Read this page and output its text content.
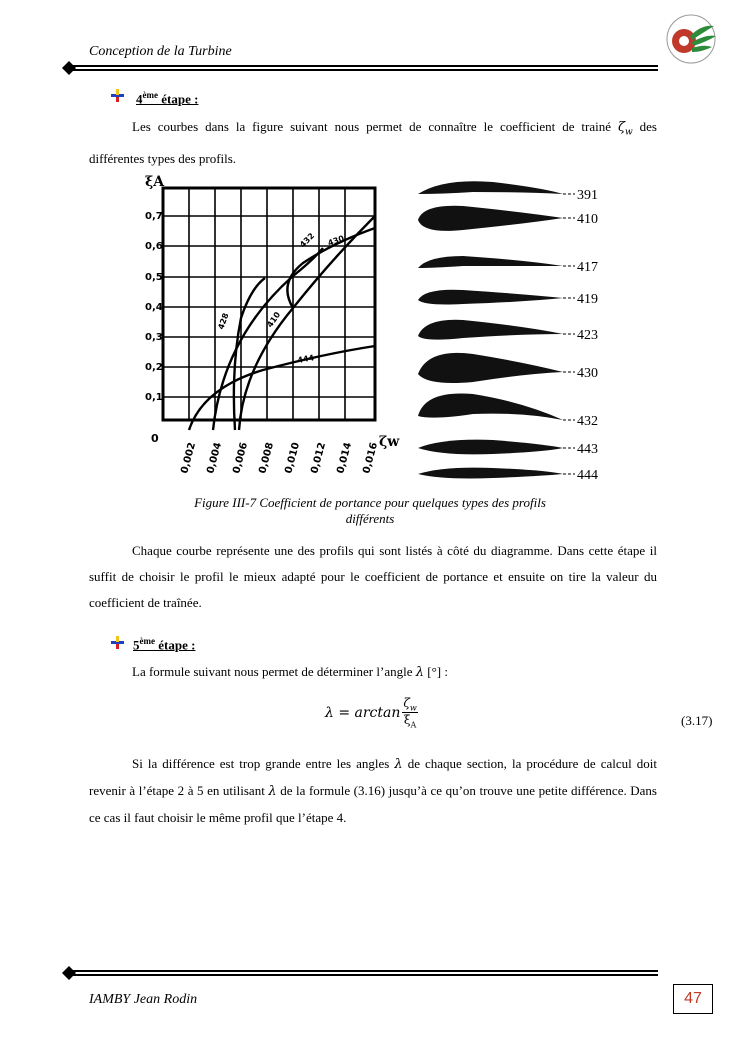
Conception de la Turbine
4ème étape :
Les courbes dans la figure suivant nous permet de connaître le coefficient de trainé $\zeta_w$ des différentes types des profils.
ξA
0	ζw
0,1
0,2
0,3
0,4
0,5
0,6
0,7
0,002 0,004 0,006 0,008 0,010 0,012 0,014 0,016
428	410
444
432 430
391
410
417
419
423
430
432
443
444
Figure III-7 Coefficient de portance pour quelques types des profils
différents
Chaque courbe représente une des profils qui sont listés à côté du diagramme. Dans cette étape il suffit de choisir le profil le mieux adapté pour le coefficient de portance et ensuite on tire la valeur du coefficient de traînée.
5ème étape :
La formule suivant nous permet de déterminer l’angle λ [°] :
$\lambda = \arctan \frac{\zeta_w}{\xi_A}$	(3.17)
Si la différence est trop grande entre les angles λ de chaque section, la procédure de calcul doit revenir à l’étape 2 à 5 en utilisant λ de la formule (3.16) jusqu’à ce qu’on trouve une petite différence. Dans ce cas il faut choisir le même profil que l’étape 4.
IAMBY Jean Rodin	47
